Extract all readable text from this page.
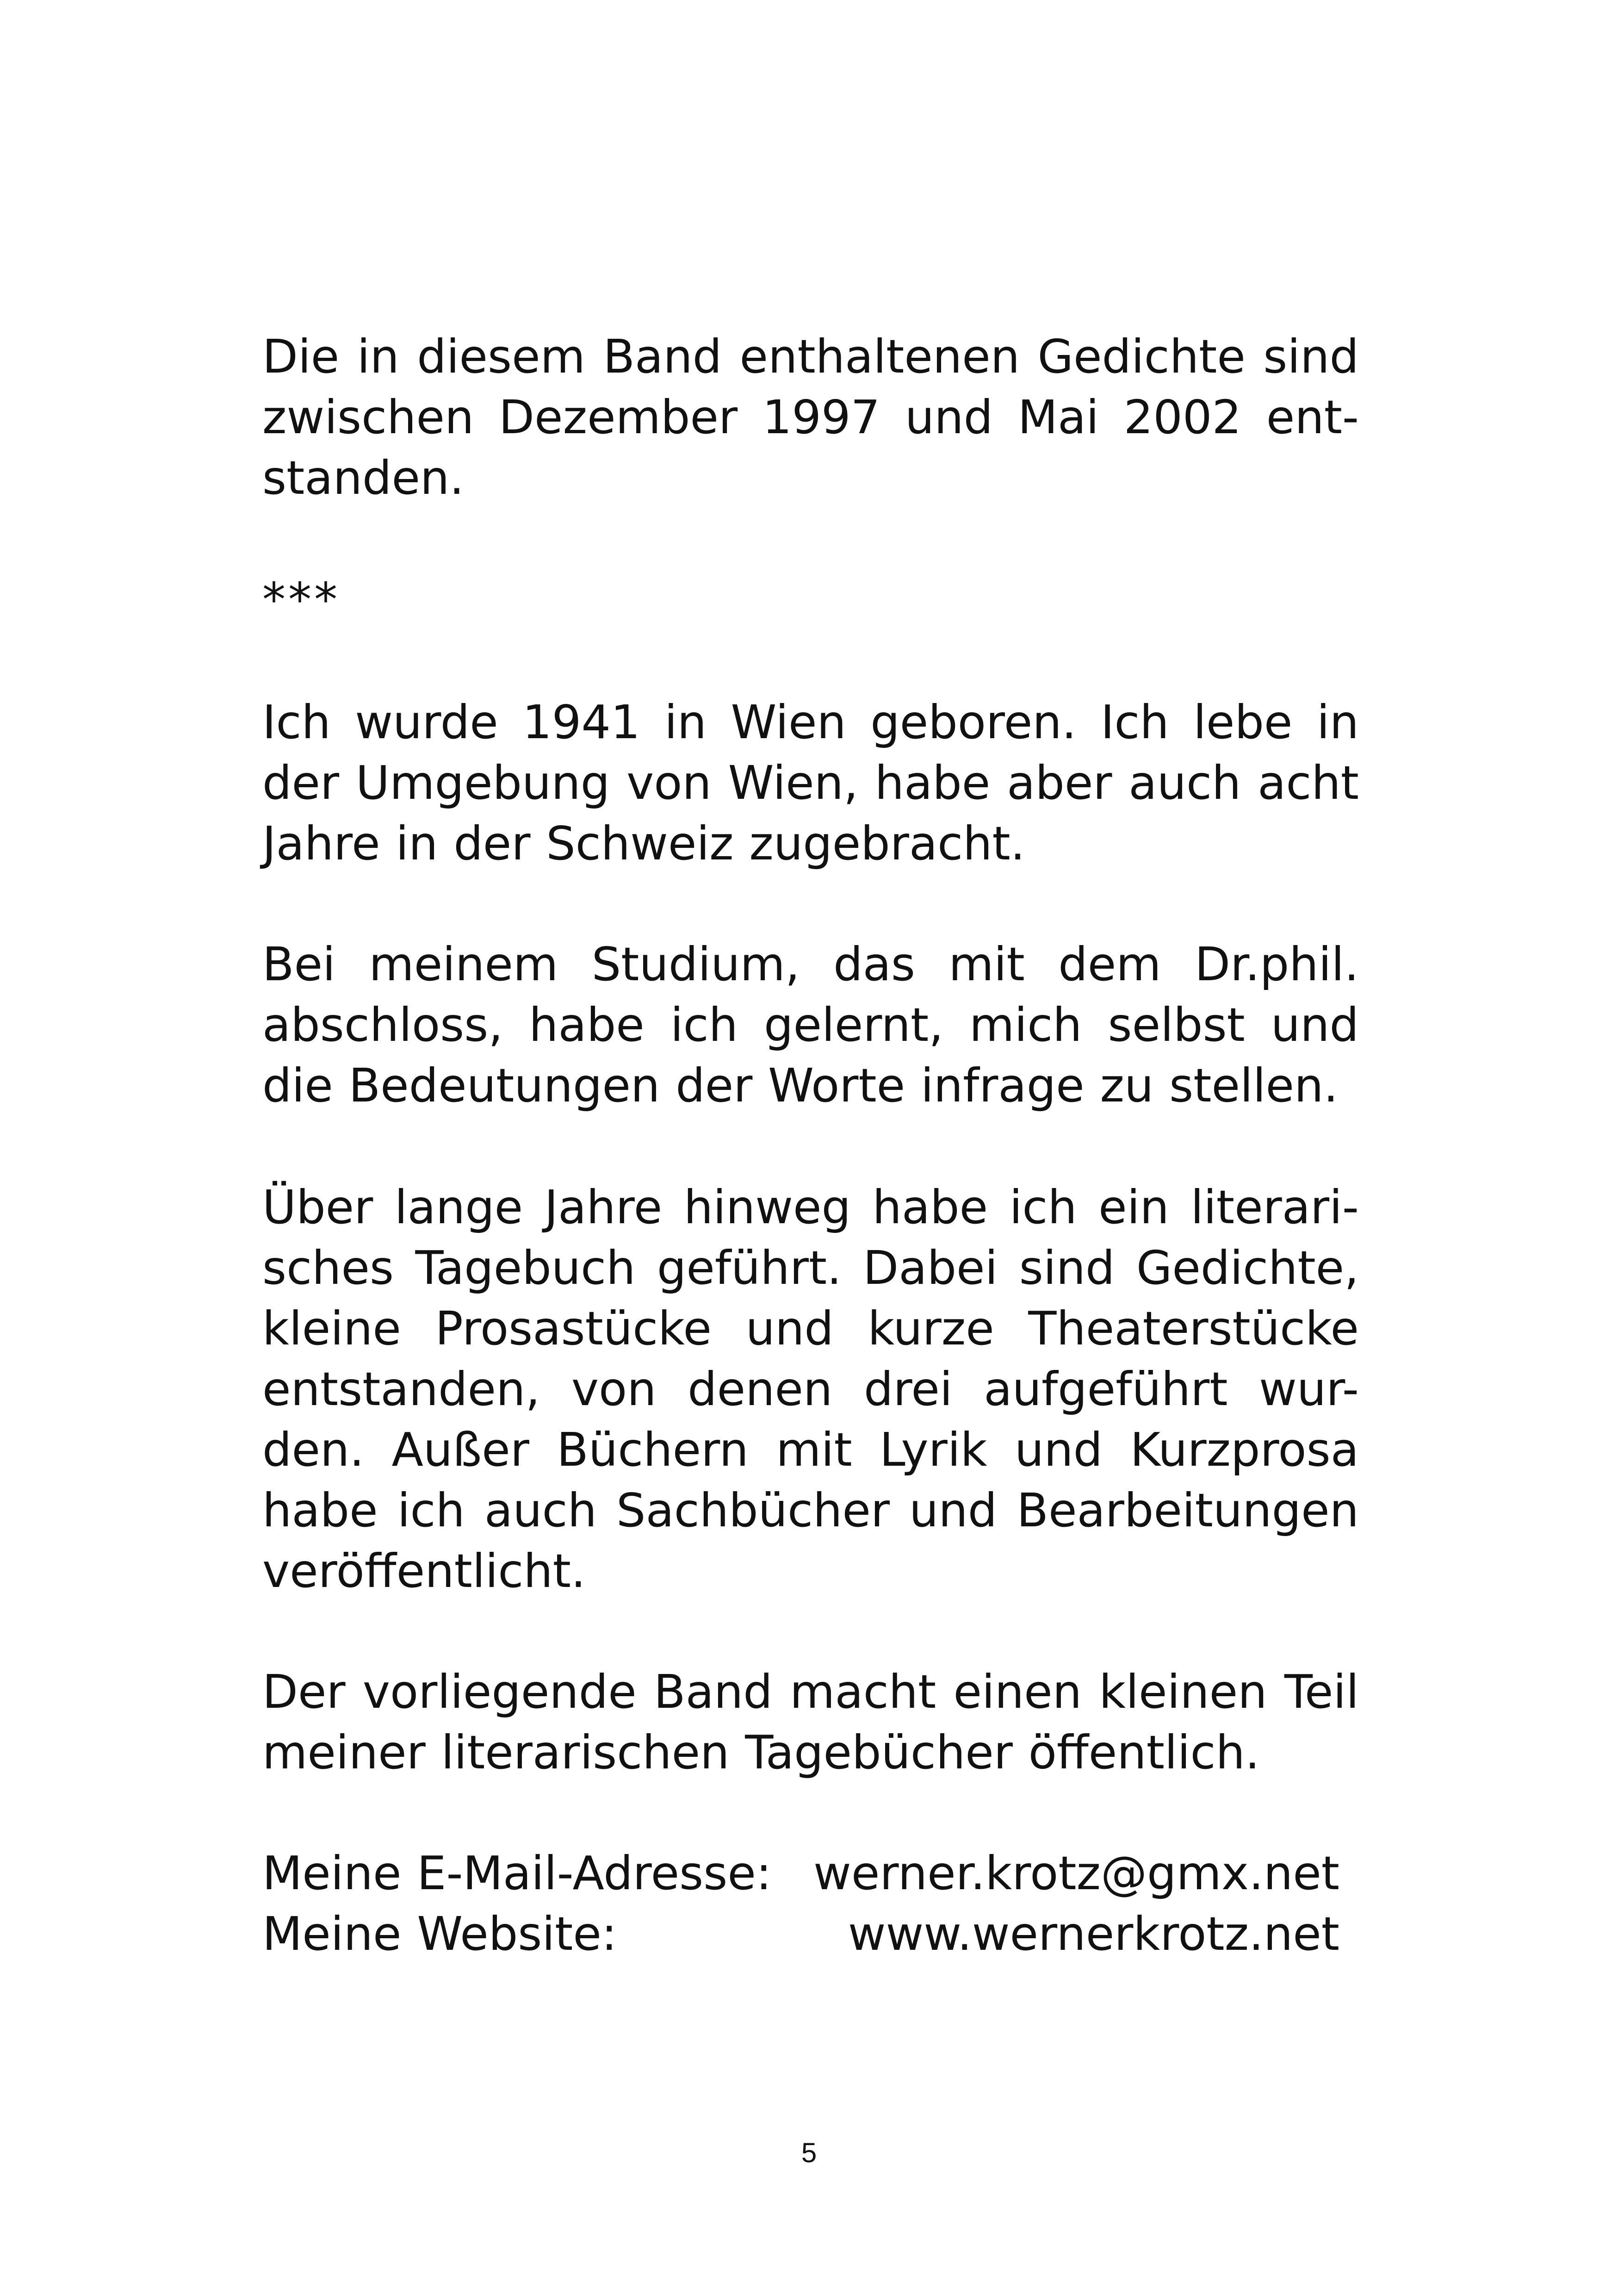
Die in diesem Band enthaltenen Gedichte sind
zwischen Dezember 1997 und Mai 2002 ent-
standen.
***
Ich wurde 1941 in Wien geboren. Ich lebe in
der Umgebung von Wien, habe aber auch acht
Jahre in der Schweiz zugebracht.
Bei meinem Studium, das mit dem Dr.phil.
abschloss, habe ich gelernt, mich selbst und
die Bedeutungen der Worte infrage zu stellen.
Über lange Jahre hinweg habe ich ein literari-
sches Tagebuch geführt. Dabei sind Gedichte,
kleine Prosastücke und kurze Theaterstücke
entstanden, von denen drei aufgeführt wur-
den. Außer Büchern mit Lyrik und Kurzprosa
habe ich auch Sachbücher und Bearbeitungen
veröffentlicht.
Der vorliegende Band macht einen kleinen Teil
meiner literarischen Tagebücher öffentlich.
Meine E-Mail-Adresse: werner.krotz@gmx.net
Meine Website:	www.wernerkrotz.net
5
